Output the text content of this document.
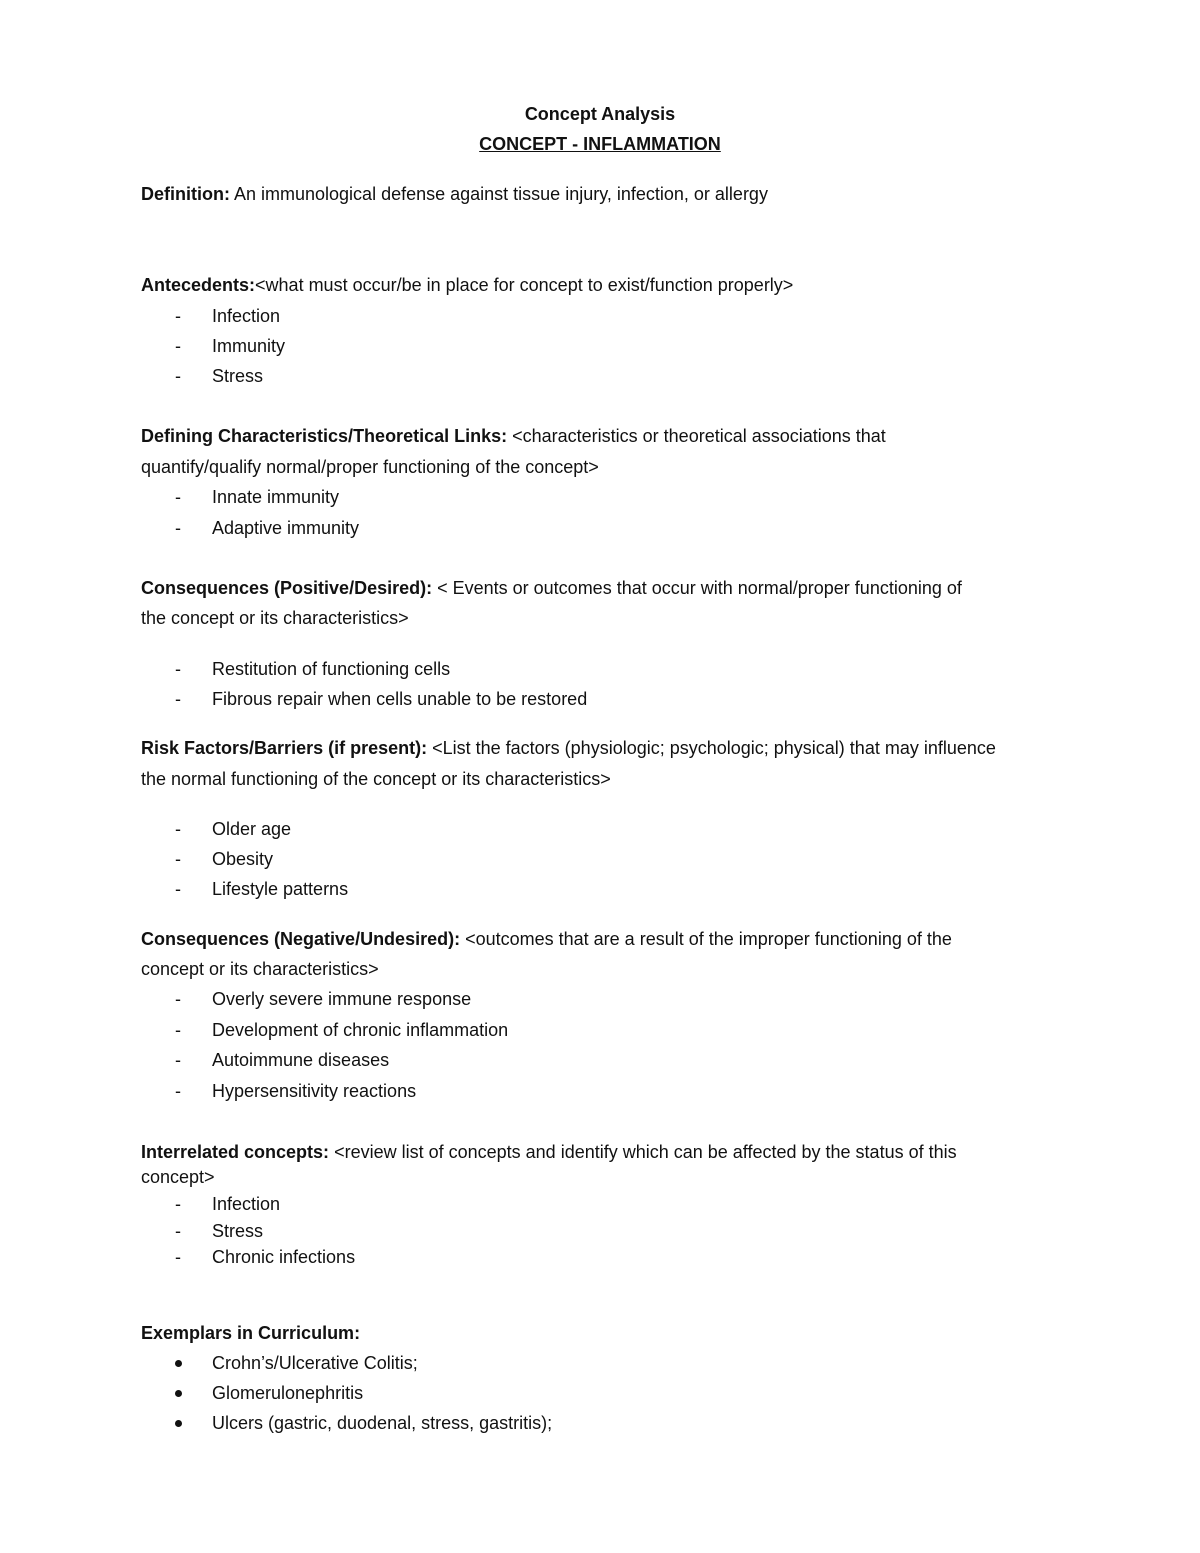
Concept Analysis
CONCEPT - INFLAMMATION
Definition: An immunological defense against tissue injury, infection, or allergy
Antecedents:<what must occur/be in place for concept to exist/function properly>
-	Infection
-	Immunity
-	Stress
Defining Characteristics/Theoretical Links: <characteristics or theoretical associations that
quantify/qualify normal/proper functioning of the concept>
-	Innate immunity
-	Adaptive immunity
Consequences (Positive/Desired): < Events or outcomes that occur with normal/proper functioning of
the concept or its characteristics>
-	Restitution of functioning cells
-	Fibrous repair when cells unable to be restored
Risk Factors/Barriers (if present): <List the factors (physiologic; psychologic; physical) that may influence
the normal functioning of the concept or its characteristics>
-	Older age
-	Obesity
-	Lifestyle patterns
Consequences (Negative/Undesired): <outcomes that are a result of the improper functioning of the
concept or its characteristics>
-	Overly severe immune response
-	Development of chronic inflammation
-	Autoimmune diseases
-	Hypersensitivity reactions
Interrelated concepts: <review list of concepts and identify which can be affected by the status of this
concept>
-	Infection
-	Stress
-	Chronic infections
Exemplars in Curriculum:
Crohn’s/Ulcerative Colitis;
Glomerulonephritis
Ulcers (gastric, duodenal, stress, gastritis);
